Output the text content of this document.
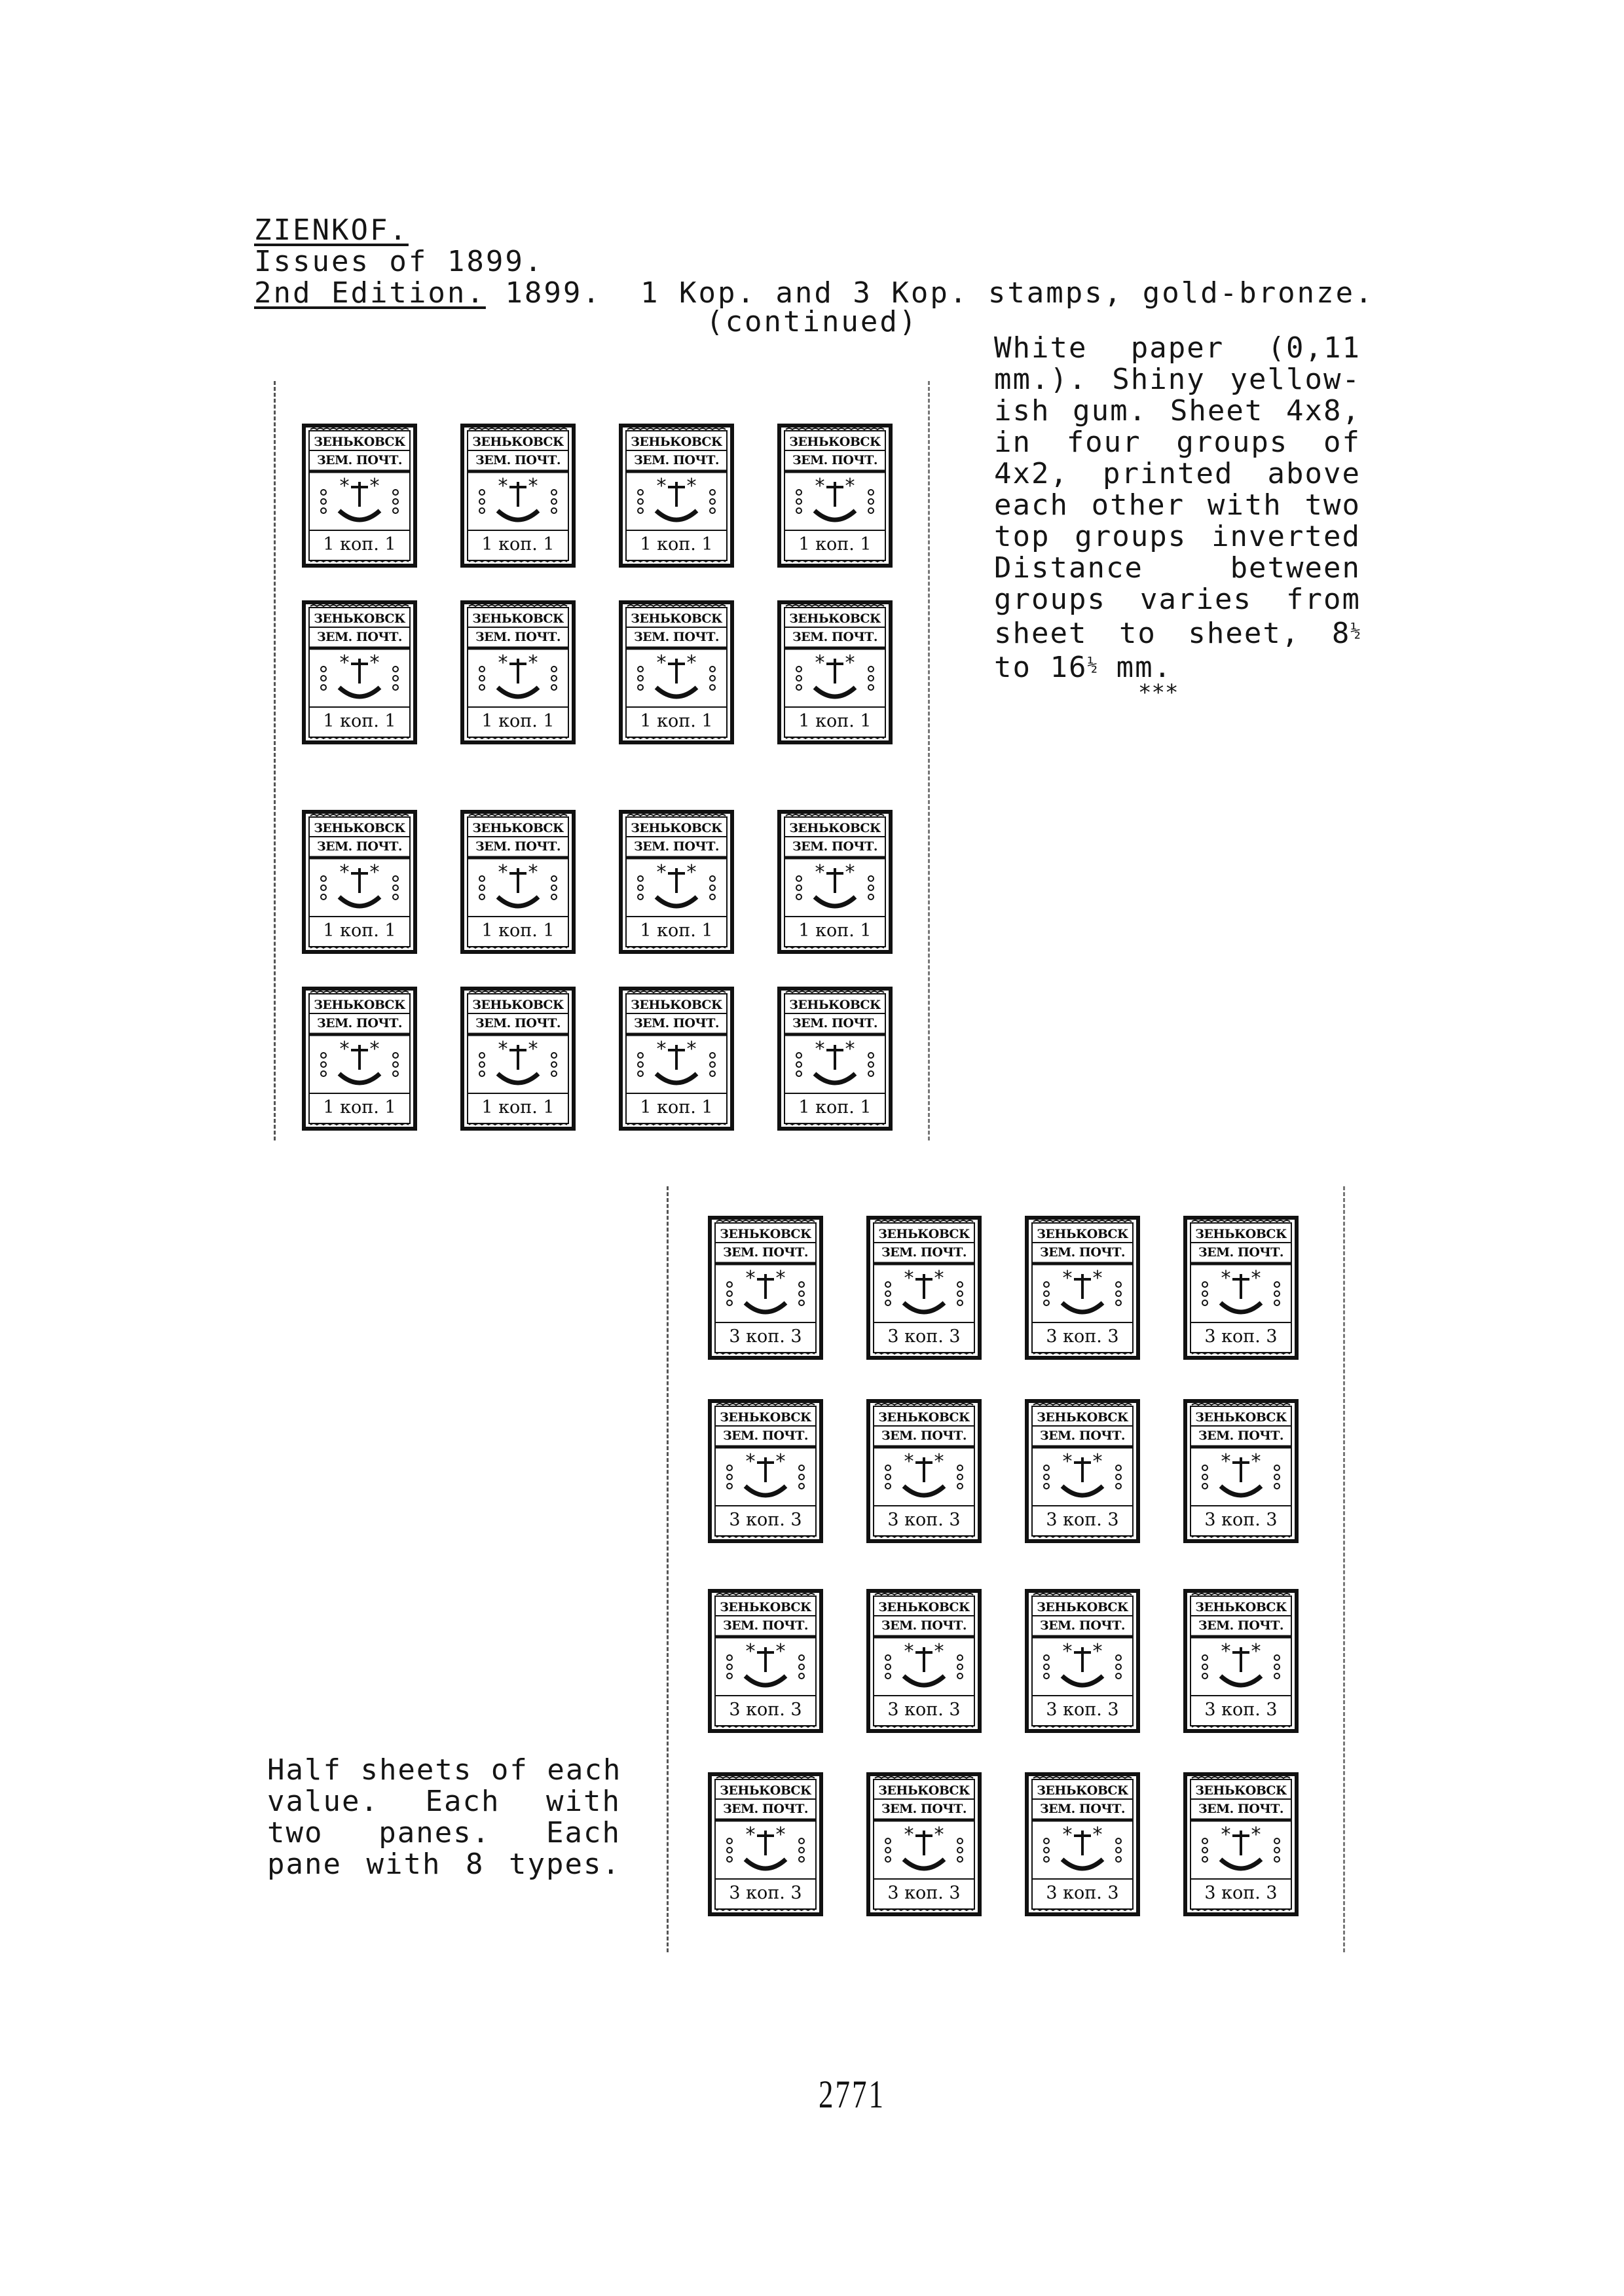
ZIENKOF.
Issues of 1899.
2nd Edition. 1899. 1 Kop. and 3 Kop. stamps, gold-bronze.
(continued)
White paper (0,11
mm.). Shiny yellow-
ish gum. Sheet 4x8,
in four groups of
4x2, printed above
each other with two
top groups inverted
Distance between
groups varies from
sheet to sheet, $8^{\frac{1}{2}}$
to $16^{\frac{1}{2}}$ mm.
***
Half sheets of each
value. Each with
two panes. Each
pane with 8 types.
* *
ЗЕНЬКОВСК
ЗЕМ. ПОЧТ.
1 коп. 1
* *
ЗЕНЬКОВСК
ЗЕМ. ПОЧТ.
1 коп. 1
* *
ЗЕНЬКОВСК
ЗЕМ. ПОЧТ.
1 коп. 1
* *
ЗЕНЬКОВСК
ЗЕМ. ПОЧТ.
1 коп. 1
* *
ЗЕНЬКОВСК
ЗЕМ. ПОЧТ.
1 коп. 1
* *
ЗЕНЬКОВСК
ЗЕМ. ПОЧТ.
1 коп. 1
* *
ЗЕНЬКОВСК
ЗЕМ. ПОЧТ.
1 коп. 1
* *
ЗЕНЬКОВСК
ЗЕМ. ПОЧТ.
1 коп. 1
* *
ЗЕНЬКОВСК
ЗЕМ. ПОЧТ.
1 коп. 1
* *
ЗЕНЬКОВСК
ЗЕМ. ПОЧТ.
1 коп. 1
* *
ЗЕНЬКОВСК
ЗЕМ. ПОЧТ.
1 коп. 1
* *
ЗЕНЬКОВСК
ЗЕМ. ПОЧТ.
1 коп. 1
* *
ЗЕНЬКОВСК
ЗЕМ. ПОЧТ.
1 коп. 1
* *
ЗЕНЬКОВСК
ЗЕМ. ПОЧТ.
1 коп. 1
* *
ЗЕНЬКОВСК
ЗЕМ. ПОЧТ.
1 коп. 1
* *
ЗЕНЬКОВСК
ЗЕМ. ПОЧТ.
1 коп. 1
* *
ЗЕНЬКОВСК
ЗЕМ. ПОЧТ.
3 коп. 3
* *
ЗЕНЬКОВСК
ЗЕМ. ПОЧТ.
3 коп. 3
* *
ЗЕНЬКОВСК
ЗЕМ. ПОЧТ.
3 коп. 3
* *
ЗЕНЬКОВСК
ЗЕМ. ПОЧТ.
3 коп. 3
* *
ЗЕНЬКОВСК
ЗЕМ. ПОЧТ.
3 коп. 3
* *
ЗЕНЬКОВСК
ЗЕМ. ПОЧТ.
3 коп. 3
* *
ЗЕНЬКОВСК
ЗЕМ. ПОЧТ.
3 коп. 3
* *
ЗЕНЬКОВСК
ЗЕМ. ПОЧТ.
3 коп. 3
* *
ЗЕНЬКОВСК
ЗЕМ. ПОЧТ.
3 коп. 3
* *
ЗЕНЬКОВСК
ЗЕМ. ПОЧТ.
3 коп. 3
* *
ЗЕНЬКОВСК
ЗЕМ. ПОЧТ.
3 коп. 3
* *
ЗЕНЬКОВСК
ЗЕМ. ПОЧТ.
3 коп. 3
* *
ЗЕНЬКОВСК
ЗЕМ. ПОЧТ.
3 коп. 3
* *
ЗЕНЬКОВСК
ЗЕМ. ПОЧТ.
3 коп. 3
* *
ЗЕНЬКОВСК
ЗЕМ. ПОЧТ.
3 коп. 3
* *
ЗЕНЬКОВСК
ЗЕМ. ПОЧТ.
3 коп. 3
2771
